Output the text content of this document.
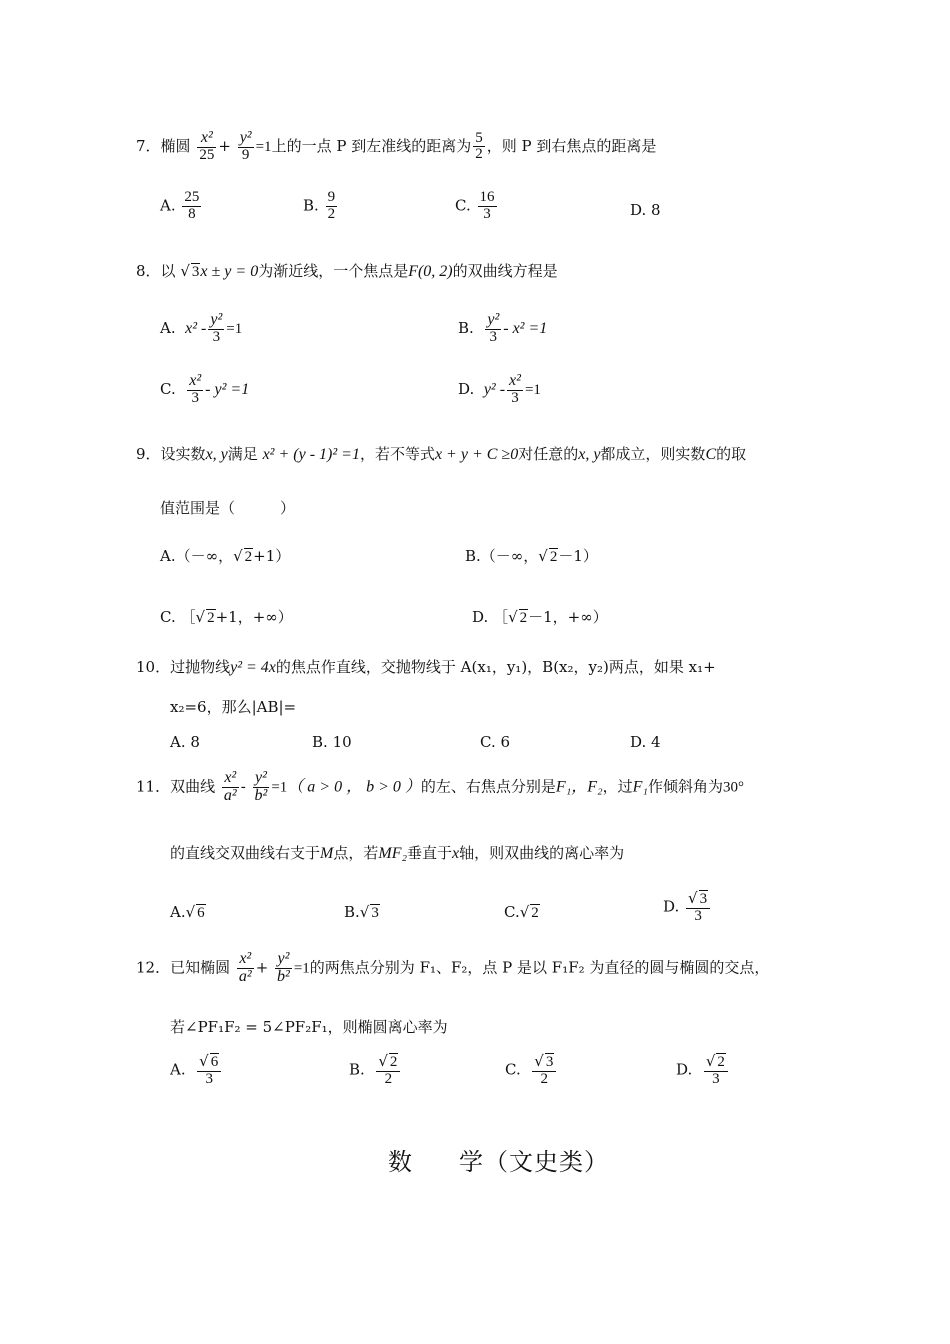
7．椭圆 $\frac{\text{x²}}{25} + \frac{\text{y²}}{9} =1$上的一点 P 到左准线的距离为 $\frac{5}{2}$ ，则 P 到右焦点的距离是
A. $\frac{25}{8}$	B. $\frac{9}{2}$	C. $\frac{16}{3}$	D. 8
8．以 √ 3x ± y = 0为渐近线，一个焦点是F(0, 2)的双曲线方程是
A. $x^2 - \frac{\text{y²}}{3} =1$	B. $\frac{\text{y²}}{3} - x^2 =1$
C. $\frac{\text{x²}}{3} - y^2 =1$	D. $y^2 - \frac{\text{x²}}{3} =1$
9．设实数x, y满足 x² + (y - 1)² =1，若不等式x + y + C ≥0对任意的x, y都成立，则实数C的取
值范围是（　　　）
A.（－∞，√ 2+1）	B.（－∞，√ 2－1）
C. ［√ 2+1，+∞）	D. ［√ 2－1，+∞）
10．过抛物线y² = 4x的焦点作直线，交抛物线于 A(x₁，y₁)，B(x₂，y₂)两点，如果 x₁+
x₂=6，那么|AB|=
A. 8	B. 10	C. 6	D. 4
11．双曲线 $\frac{\text{x²}}{\text{a²}} - \frac{\text{y²}}{\text{b²}} =1$（ a > 0 ， b > 0 ）的左、右焦点分别是F₁，F₂，过F₁作倾斜角为30°
的直线交双曲线右支于M点，若MF₂垂直于x轴，则双曲线的离心率为
A.√ 6	B.√ 3	C.√ 2	D. $\frac{√ 3}{3}$
12．已知椭圆 $\frac{\text{x²}}{\text{a²}} + \frac{\text{y²}}{\text{b²}} =1$的两焦点分别为 F₁、F₂，点 P 是以 F₁F₂ 为直径的圆与椭圆的交点，
若∠PF₁F₂ = 5∠PF₂F₁，则椭圆离心率为
A. $\frac{√ 6}{3}$	B. $\frac{√ 2}{2}$	C. $\frac{√ 3}{2}$	D. $\frac{√ 2}{3}$
数 学（文史类）
